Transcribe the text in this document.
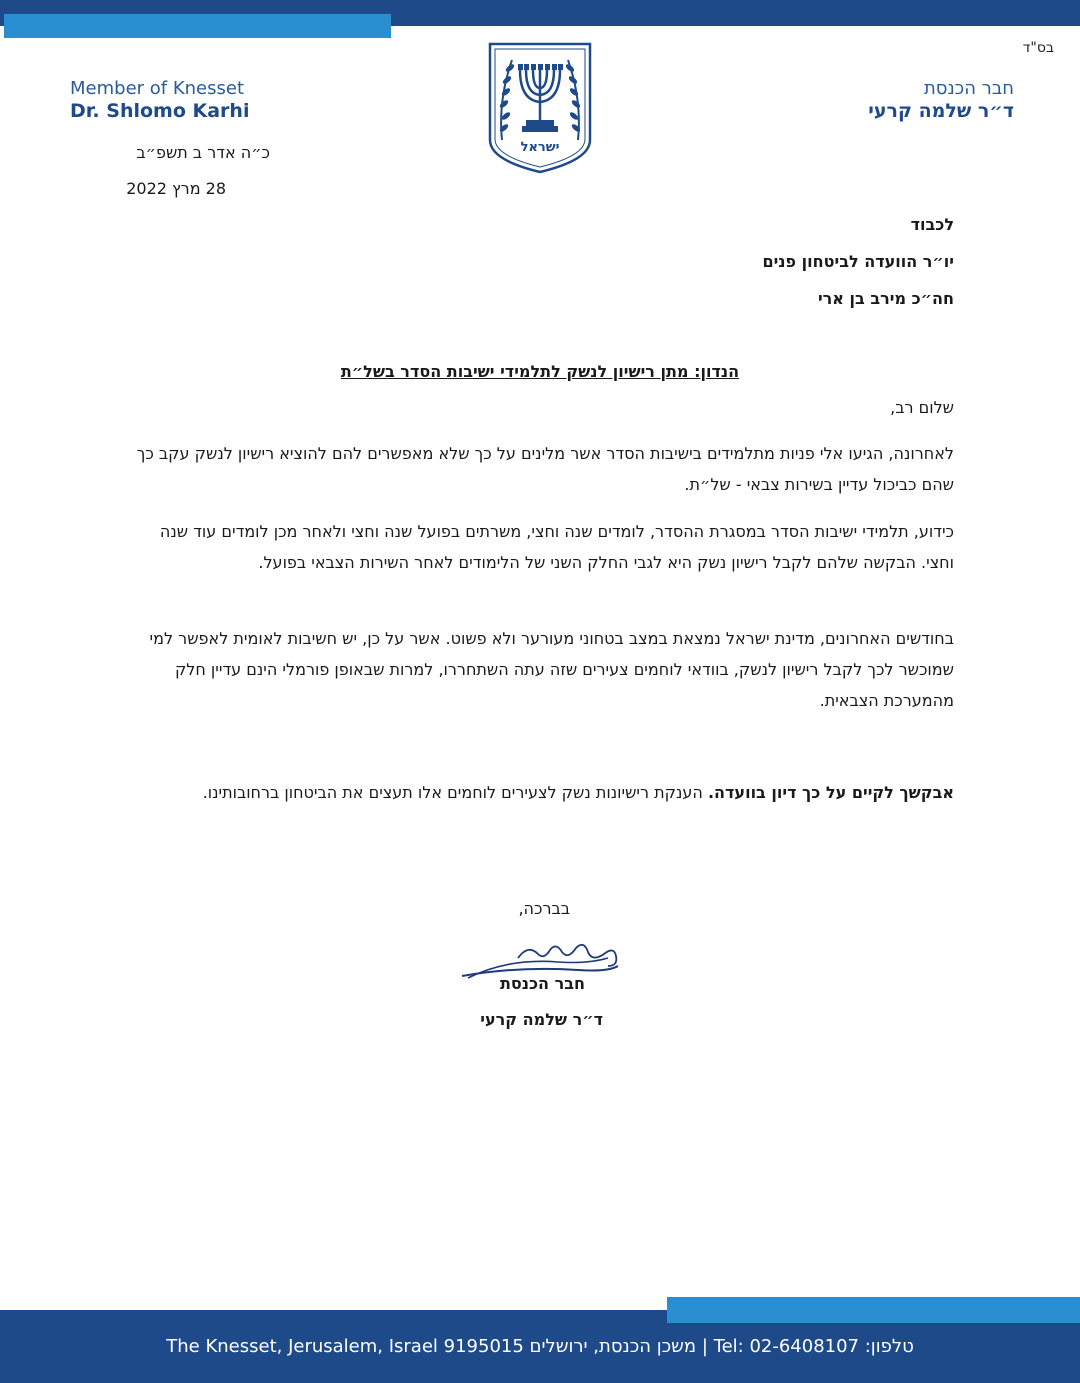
בס"ד
Member of Knesset
Dr. Shlomo Karhi
חבר הכנסת
ד״ר שלמה קרעי
ישראל
כ״ה אדר ב תשפ״ב
28 מרץ 2022
לכבוד
יו״ר הוועדה לביטחון פנים
חה״כ מירב בן ארי
הנדון: מתן רישיון לנשק לתלמידי ישיבות הסדר בשל״ת
שלום רב,
לאחרונה, הגיעו אלי פניות מתלמידים בישיבות הסדר אשר מלינים על כך שלא מאפשרים להם להוציא רישיון לנשק עקב כך שהם כביכול עדיין בשירות צבאי - של״ת.
כידוע, תלמידי ישיבות הסדר במסגרת ההסדר, לומדים שנה וחצי, משרתים בפועל שנה וחצי ולאחר מכן לומדים עוד שנה וחצי. הבקשה שלהם לקבל רישיון נשק היא לגבי החלק השני של הלימודים לאחר השירות הצבאי בפועל.
בחודשים האחרונים, מדינת ישראל נמצאת במצב בטחוני מעורער ולא פשוט. אשר על כן, יש חשיבות לאומית לאפשר למי שמוכשר לכך לקבל רישיון לנשק, בוודאי לוחמים צעירים שזה עתה השתחררו, למרות שבאופן פורמלי הינם עדיין חלק מהמערכת הצבאית.
אבקשך לקיים על כך דיון בוועדה. הענקת רישיונות נשק לצעירים לוחמים אלו תעצים את הביטחון ברחובותינו.
בברכה,
חבר הכנסת
ד״ר שלמה קרעי
The Knesset, Jerusalem, Israel 9195015 משכן הכנסת, ירושלים | Tel: 02-6408107 :טלפון
